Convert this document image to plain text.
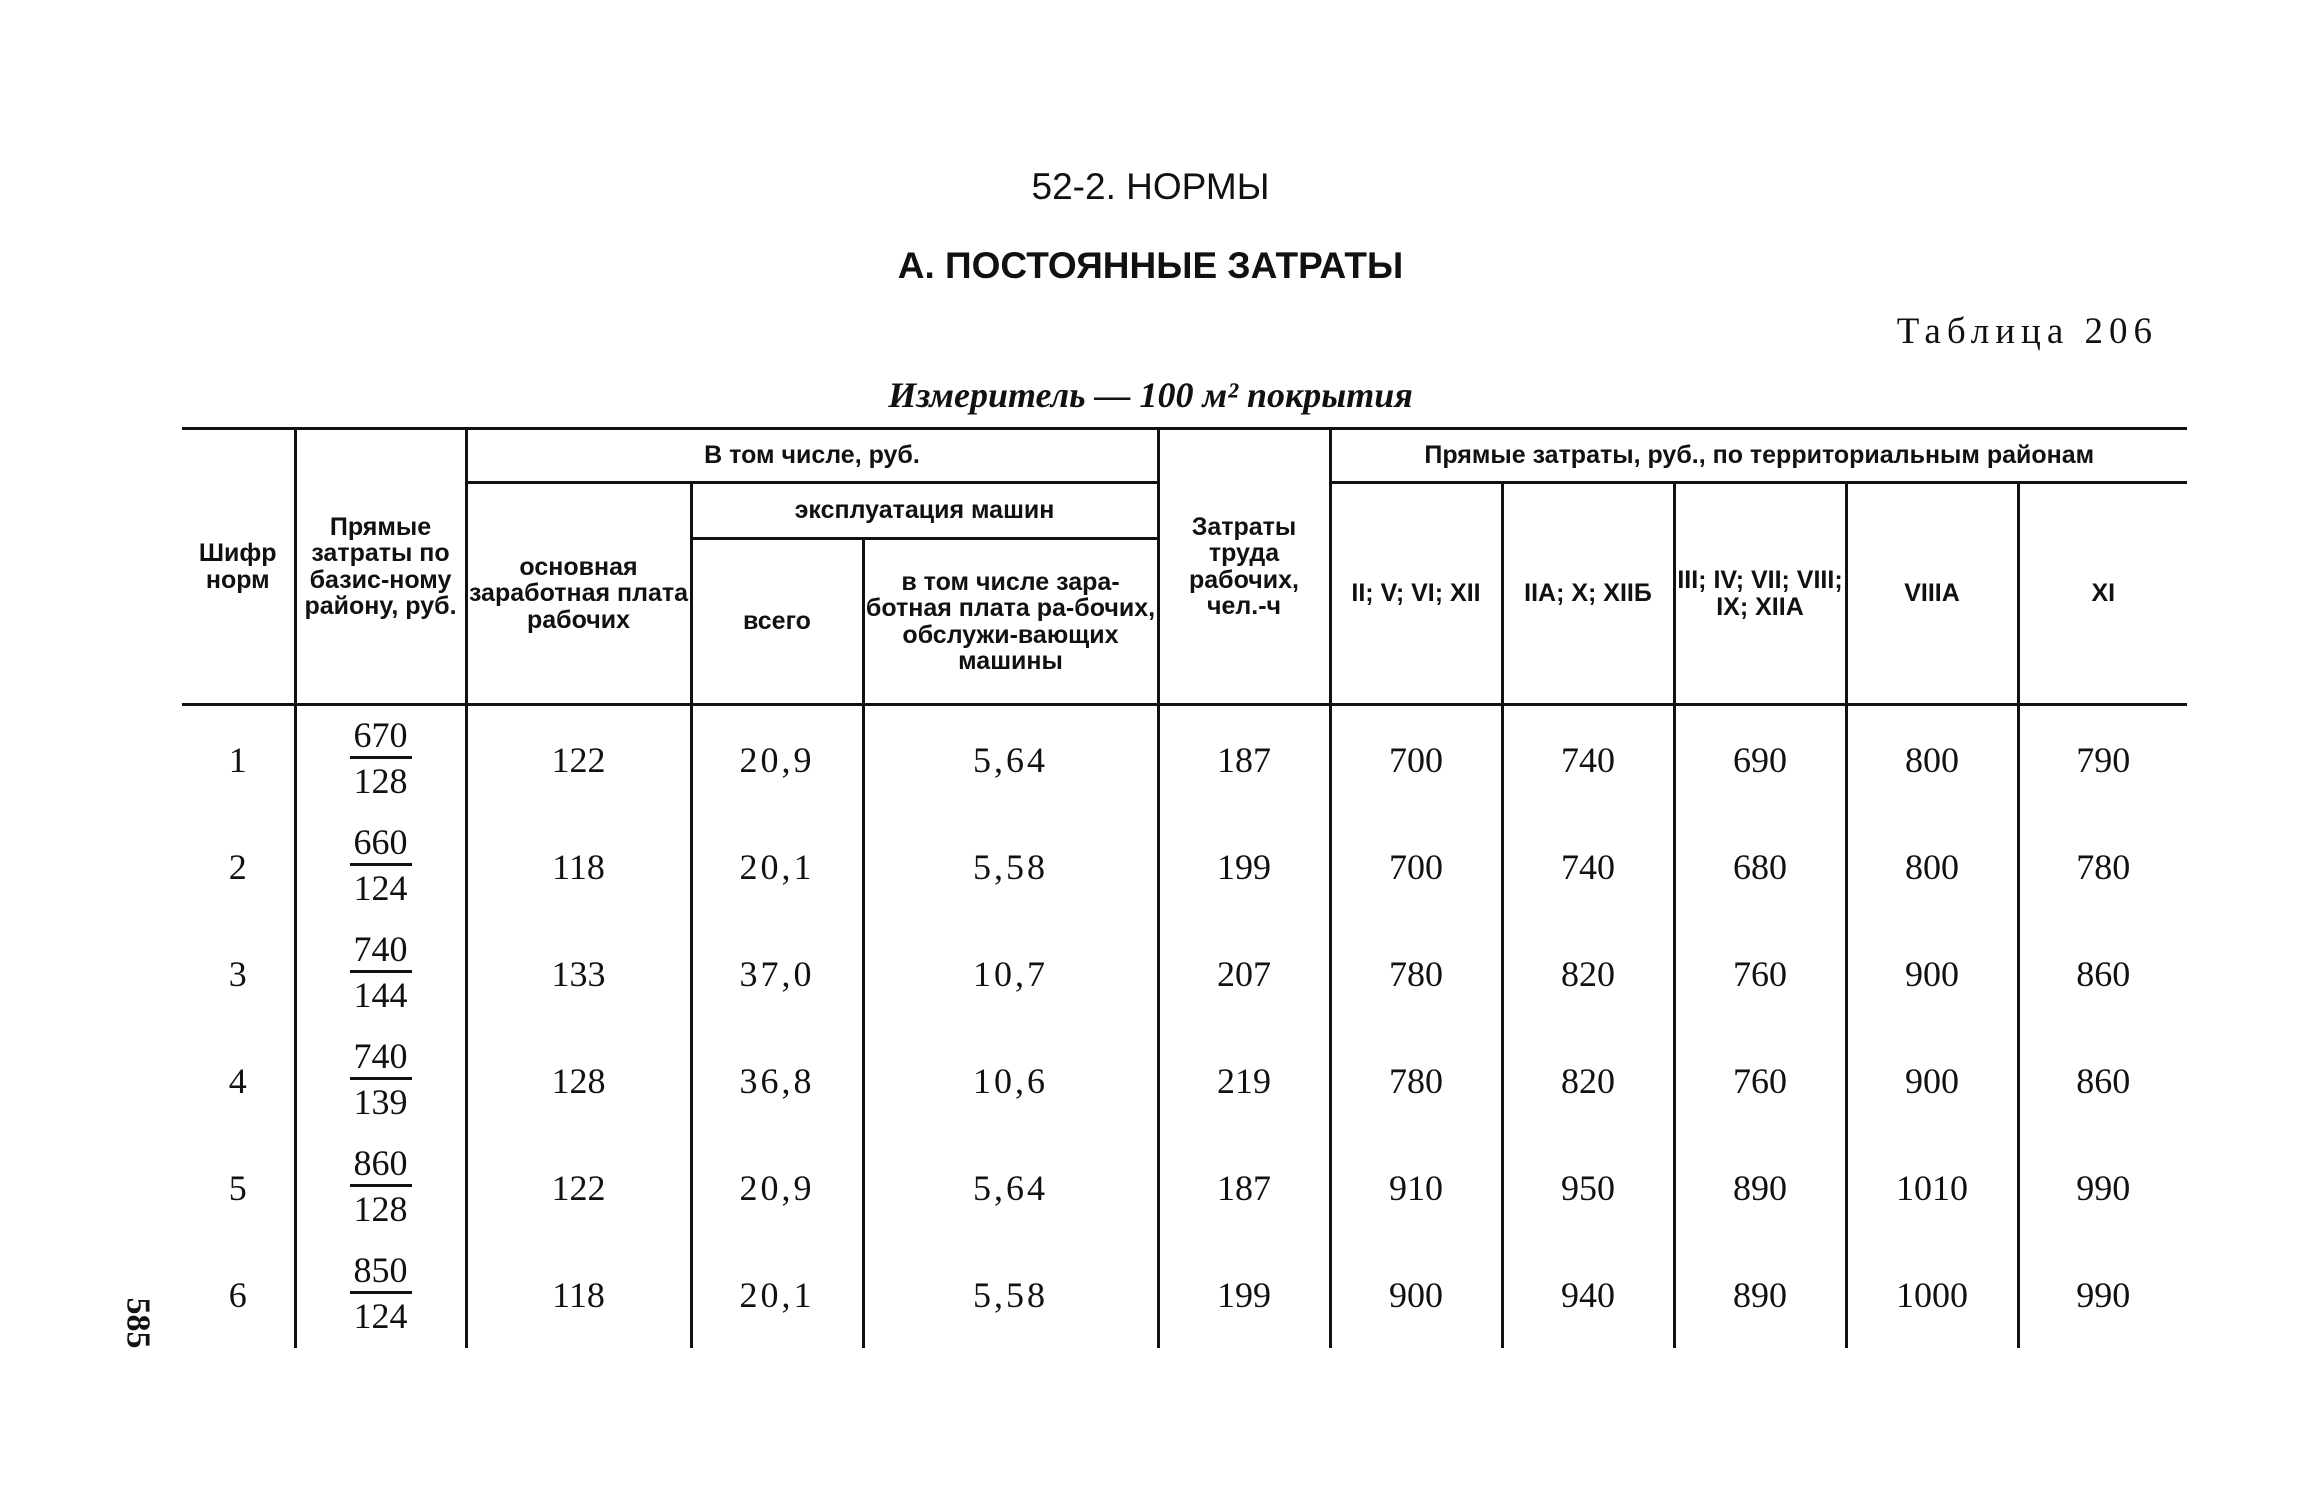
52-2. НОРМЫ
А. ПОСТОЯННЫЕ ЗАТРАТЫ
Таблица 206
Измеритель — 100 м² покрытия
585
Шифр норм	Прямые затраты по базис-ному району, руб.	В том числе, руб.			Затраты труда рабочих, чел.-ч	Прямые затраты, руб., по территориальным районам				
		основная заработная плата рабочих	эксплуатация машин			II; V; VI; XII	IIA; X; XIIБ	III; IV; VII; VIII; IX; XIIA	VIIIA	XI
			всего	в том числе зара-ботная плата ра-бочих, обслужи-вающих машины						
1	$\frac{670}{128}$	122	20,9	5,64	187	700	740	690	800	790
2	$\frac{660}{124}$	118	20,1	5,58	199	700	740	680	800	780
3	$\frac{740}{144}$	133	37,0	10,7	207	780	820	760	900	860
4	$\frac{740}{139}$	128	36,8	10,6	219	780	820	760	900	860
5	$\frac{860}{128}$	122	20,9	5,64	187	910	950	890	1010	990
6	$\frac{850}{124}$	118	20,1	5,58	199	900	940	890	1000	990
